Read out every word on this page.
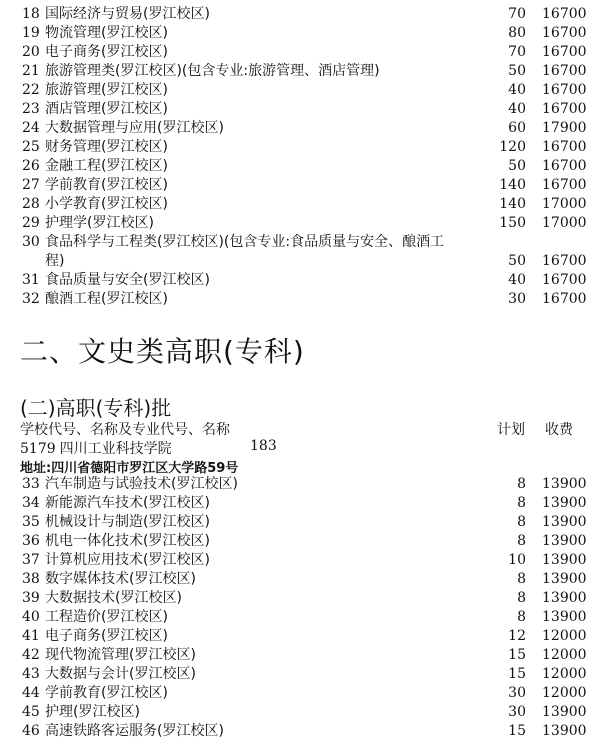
18 国际经济与贸易(罗江校区)	70 16700
19 物流管理(罗江校区)	80 16700
20 电子商务(罗江校区)	70 16700
21 旅游管理类(罗江校区)(包含专业:旅游管理、酒店管理)	50 16700
22 旅游管理(罗江校区)	40 16700
23 酒店管理(罗江校区)	40 16700
24 大数据管理与应用(罗江校区)	60 17900
25 财务管理(罗江校区)	120 16700
26 金融工程(罗江校区)	50 16700
27 学前教育(罗江校区)	140 16700
28 小学教育(罗江校区)	140 17000
29 护理学(罗江校区)	150 17000
30 食品科学与工程类(罗江校区)(包含专业:食品质量与安全、酿酒工
程)	50 16700
31 食品质量与安全(罗江校区)	40 16700
32 酿酒工程(罗江校区)	30 16700
二、文史类高职(专科)
(二)高职(专科)批
学校代号、名称及专业代号、名称	计划 收费
5179 四川工业科技学院	183
地址:四川省德阳市罗江区大学路59号
33 汽车制造与试验技术(罗江校区)	8 13900
34 新能源汽车技术(罗江校区)	8 13900
35 机械设计与制造(罗江校区)	8 13900
36 机电一体化技术(罗江校区)	8 13900
37 计算机应用技术(罗江校区)	10 13900
38 数字媒体技术(罗江校区)	8 13900
39 大数据技术(罗江校区)	8 13900
40 工程造价(罗江校区)	8 13900
41 电子商务(罗江校区)	12 12000
42 现代物流管理(罗江校区)	15 12000
43 大数据与会计(罗江校区)	15 12000
44 学前教育(罗江校区)	30 12000
45 护理(罗江校区)	30 13900
46 高速铁路客运服务(罗江校区)	15 13900
